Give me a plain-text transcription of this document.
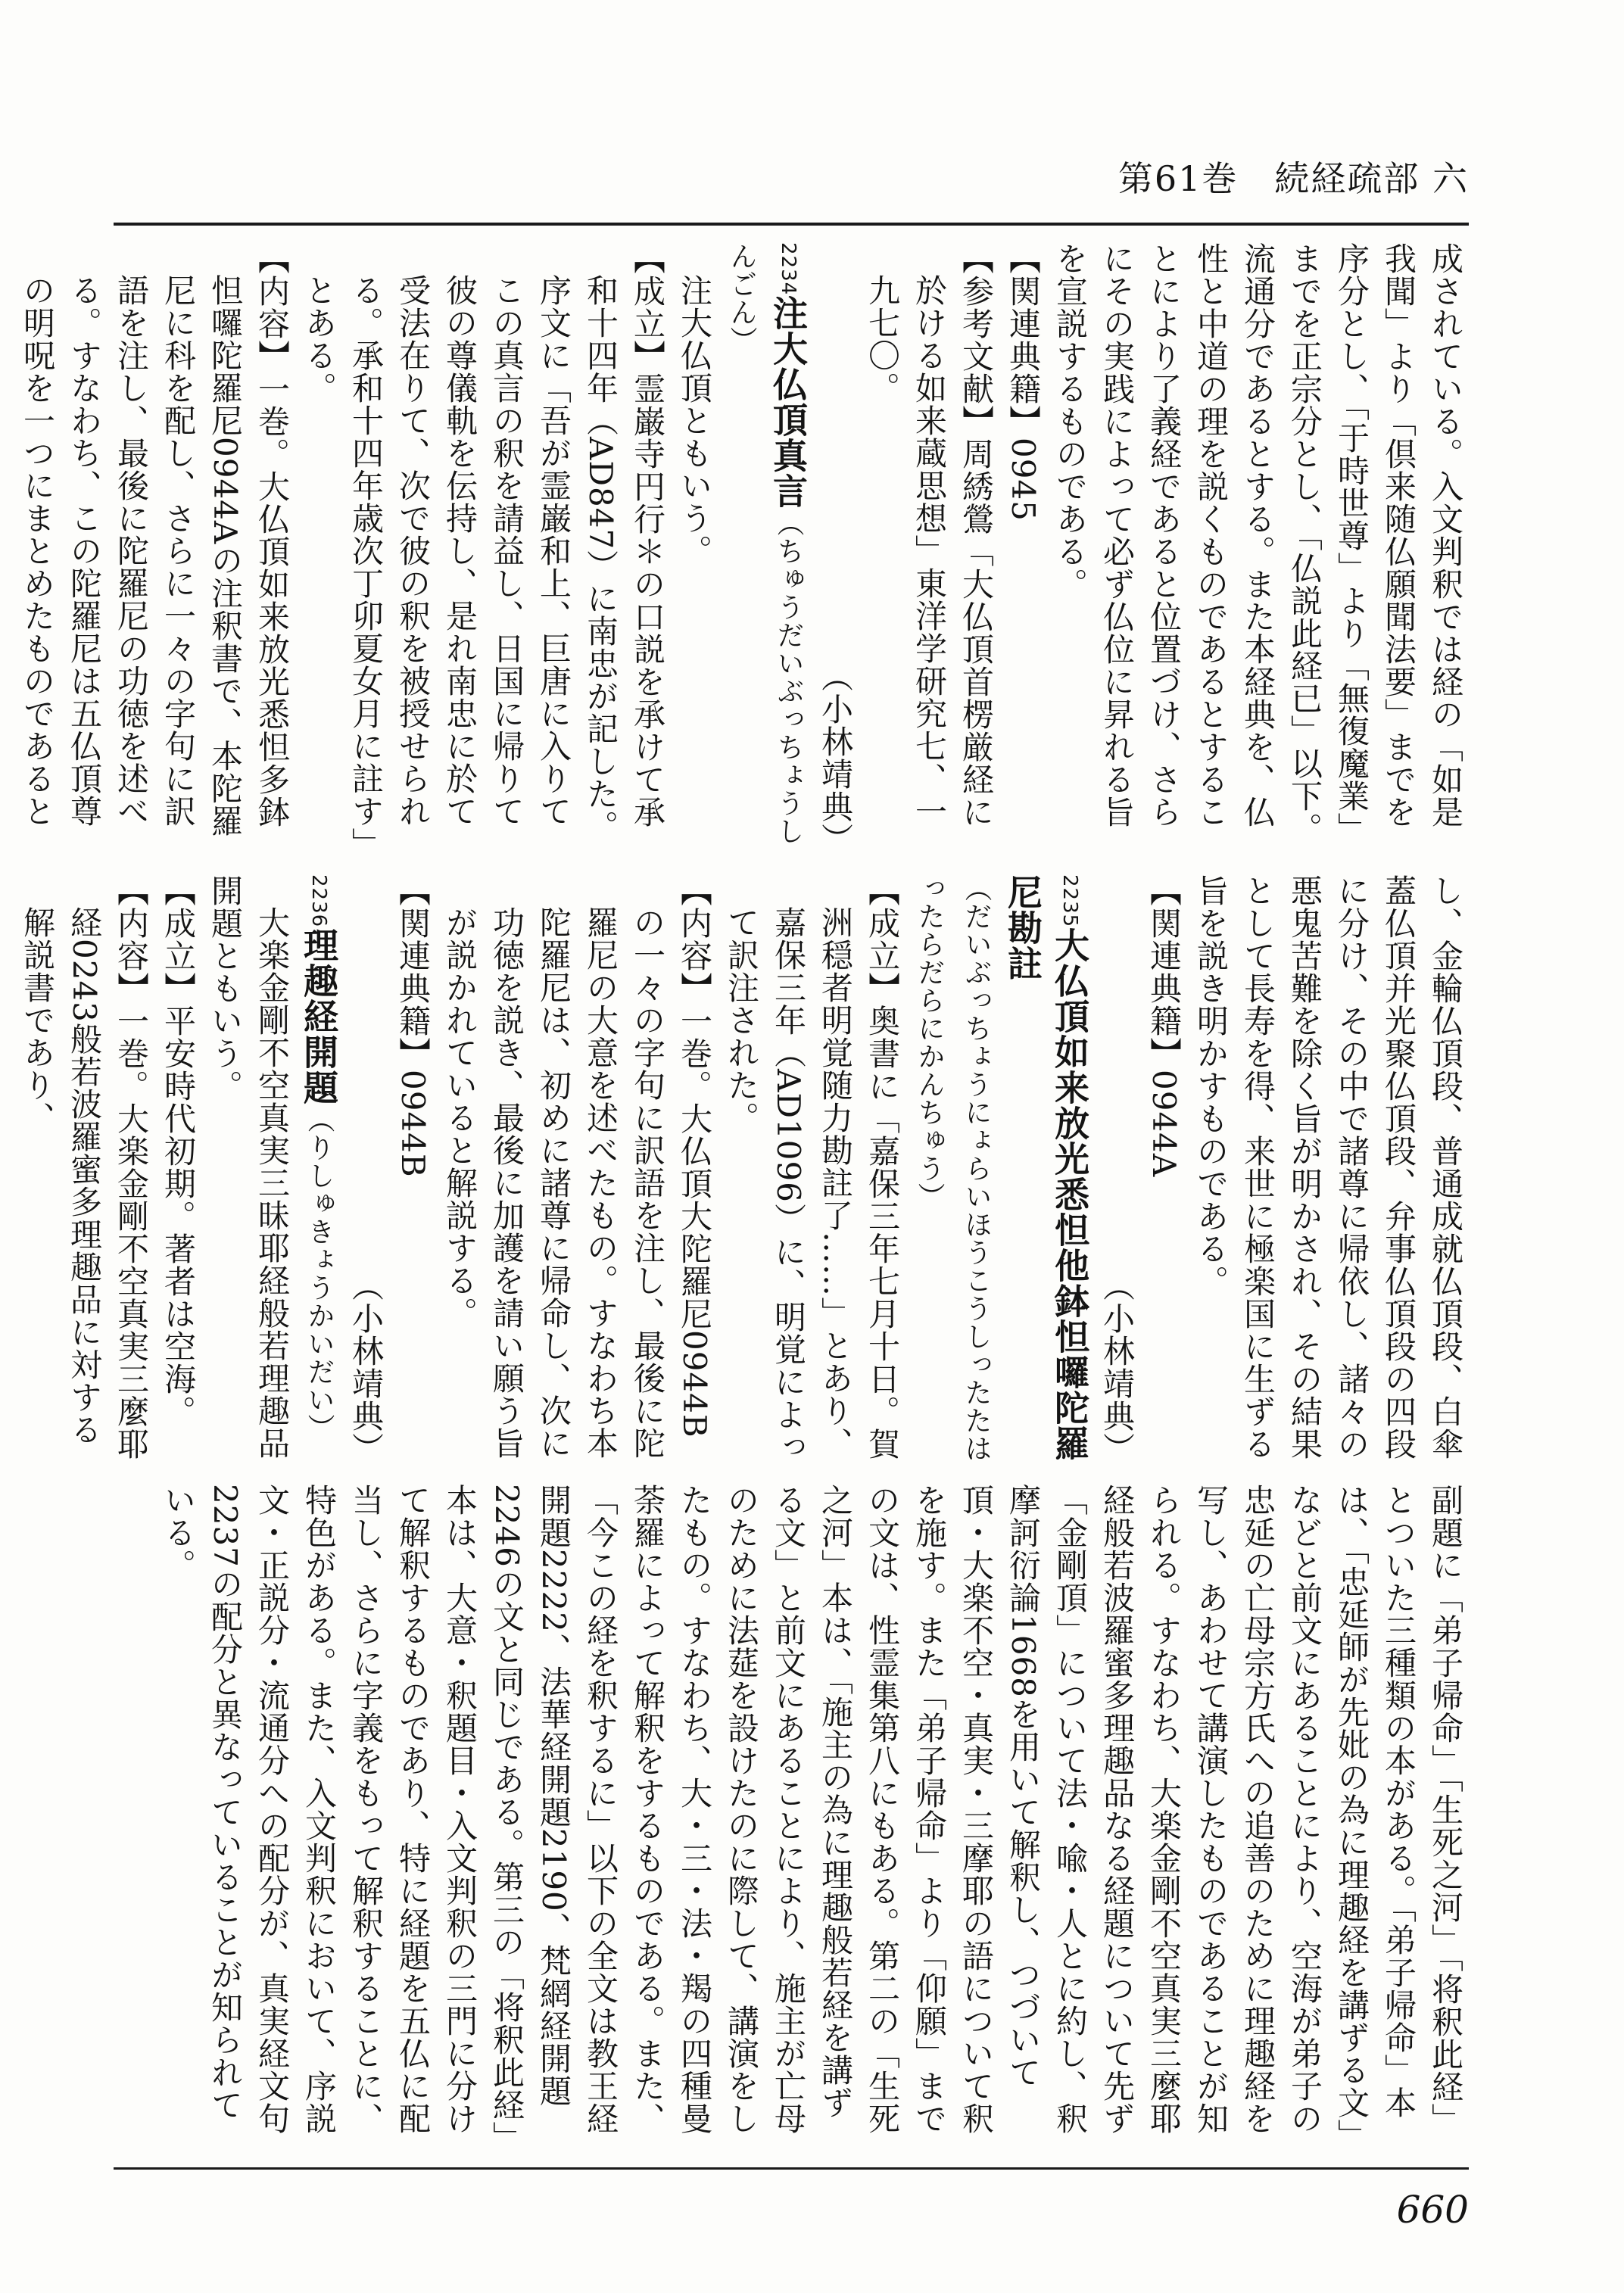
第61巻　続経疏部 六

成されている。入文判釈では経の「如是我聞」より「倶来随仏願聞法要」までを序分とし、「于時世尊」より「無復魔業」までを正宗分とし、「仏説此経已」以下。流通分であるとする。また本経典を、仏性と中道の理を説くものであるとすることにより了義経であると位置づけ、さらにその実践によって必ず仏位に昇れる旨を宣説するものである。

【関連典籍】0945

【参考文献】周綉鶯「大仏頂首楞厳経に於ける如来蔵思想」東洋学研究七、一九七〇。

（小林靖典）

2234注大仏頂真言（ちゅうだいぶっちょうしんごん）

注大仏頂ともいう。

【成立】霊巌寺円行＊の口説を承けて承和十四年（AD847）に南忠が記した。序文に「吾が霊巌和上、巨唐に入りてこの真言の釈を請益し、日国に帰りて彼の尊儀軌を伝持し、是れ南忠に於て受法在りて、次で彼の釈を被授せられる。承和十四年歳次丁卯夏女月に註す」とある。

【内容】一巻。大仏頂如来放光悉怛多鉢怛囉陀羅尼0944Aの注釈書で、本陀羅尼に科を配し、さらに一々の字句に訳語を注し、最後に陀羅尼の功徳を述べる。すなわち、この陀羅尼は五仏頂尊の明呪を一つにまとめたものであると

し、金輪仏頂段、普通成就仏頂段、白傘蓋仏頂并光聚仏頂段、弁事仏頂段の四段に分け、その中で諸尊に帰依し、諸々の悪鬼苦難を除く旨が明かされ、その結果として長寿を得、来世に極楽国に生ずる旨を説き明かすものである。

【関連典籍】0944A

（小林靖典）

2235大仏頂如来放光悉怛他鉢怛囉陀羅尼勘註

（だいぶっちょうにょらいほうこうしったたはったらだらにかんちゅう）

【成立】奥書に「嘉保三年七月十日。賀洲穏者明覚随力勘註了……」とあり、嘉保三年（AD1096）に、明覚によって訳注された。

【内容】一巻。大仏頂大陀羅尼0944Bの一々の字句に訳語を注し、最後に陀羅尼の大意を述べたもの。すなわち本陀羅尼は、初めに諸尊に帰命し、次に功徳を説き、最後に加護を請い願う旨が説かれていると解説する。

【関連典籍】0944B

（小林靖典）

2236理趣経開題（りしゅきょうかいだい）

大楽金剛不空真実三昧耶経般若理趣品開題ともいう。

【成立】平安時代初期。著者は空海。

【内容】一巻。大楽金剛不空真実三麼耶経0243般若波羅蜜多理趣品に対する解説書であり、

副題に「弟子帰命」「生死之河」「将釈此経」とついた三種類の本がある。「弟子帰命」本は、「忠延師が先妣の為に理趣経を講ずる文」などと前文にあることにより、空海が弟子の忠延の亡母宗方氏への追善のために理趣経を写し、あわせて講演したものであることが知られる。すなわち、大楽金剛不空真実三麼耶経般若波羅蜜多理趣品なる経題について先ず「金剛頂」について法・喩・人とに約し、釈摩訶衍論1668を用いて解釈し、つづいて頂・大楽不空・真実・三摩耶の語について釈を施す。また「弟子帰命」より「仰願」までの文は、性霊集第八にもある。第二の「生死之河」本は、「施主の為に理趣般若経を講ずる文」と前文にあることにより、施主が亡母のために法莚を設けたのに際して、講演をしたもの。すなわち、大・三・法・羯の四種曼荼羅によって解釈をするものである。また、「今この経を釈するに」以下の全文は教王経開題2222、法華経開題2190、梵網経開題2246の文と同じである。第三の「将釈此経」本は、大意・釈題目・入文判釈の三門に分けて解釈するものであり、特に経題を五仏に配当し、さらに字義をもって解釈することに、特色がある。また、入文判釈において、序説文・正説分・流通分への配分が、真実経文句2237の配分と異なっていることが知られている。

660
